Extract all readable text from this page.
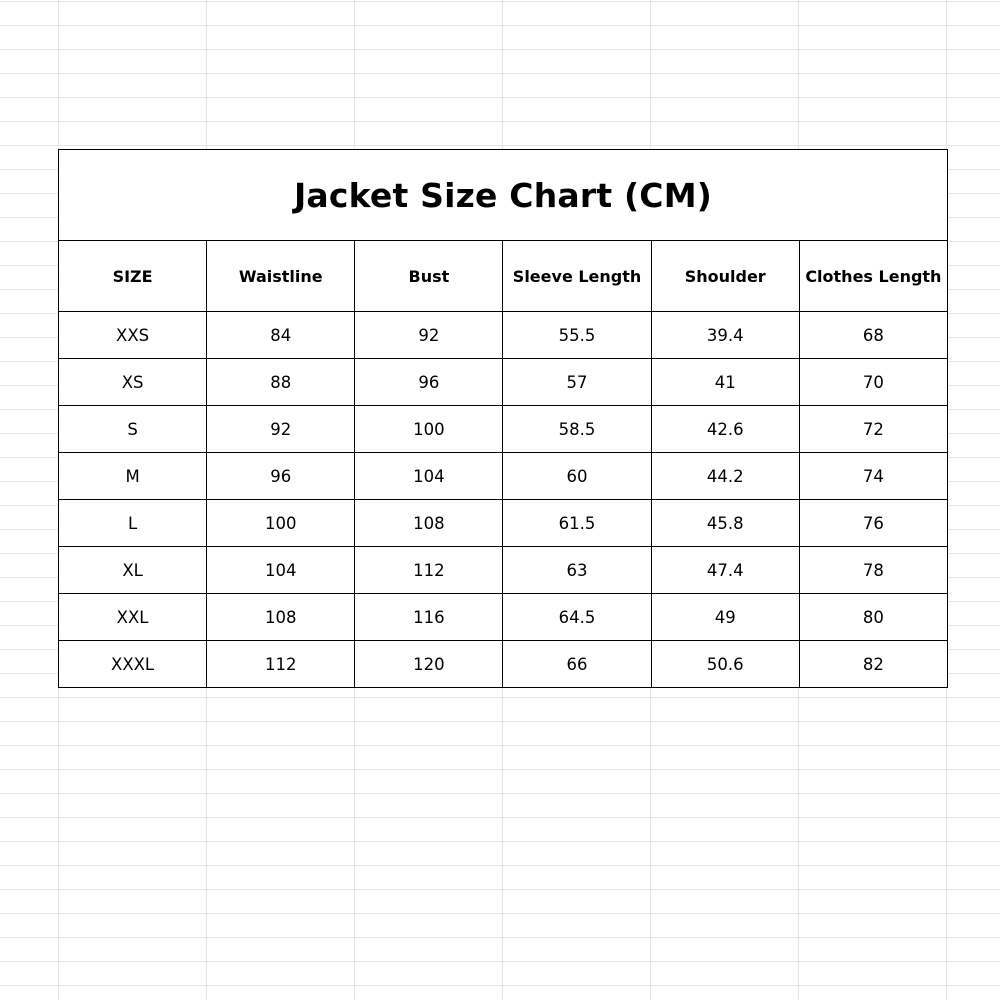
Jacket Size Chart (CM)					
SIZE	Waistline	Bust	Sleeve Length	Shoulder	Clothes Length
XXS	84	92	55.5	39.4	68
XS	88	96	57	41	70
S	92	100	58.5	42.6	72
M	96	104	60	44.2	74
L	100	108	61.5	45.8	76
XL	104	112	63	47.4	78
XXL	108	116	64.5	49	80
XXXL	112	120	66	50.6	82
